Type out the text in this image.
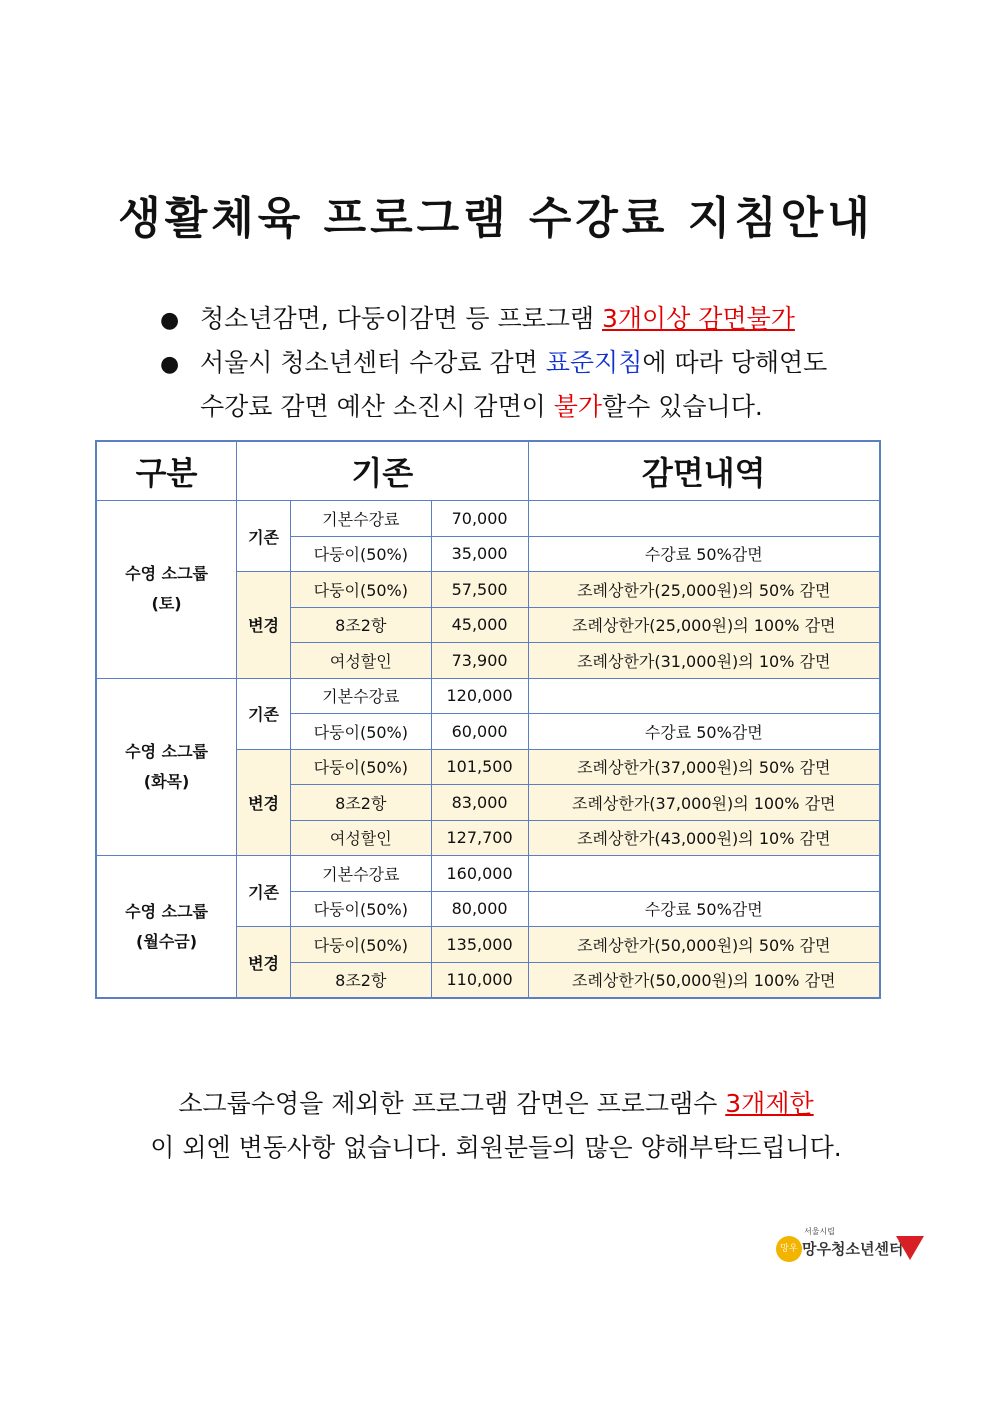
생활체육 프로그램 수강료 지침안내
● 청소년감면, 다둥이감면 등 프로그램 3개이상 감면불가
● 서울시 청소년센터 수강료 감면 표준지침에 따라 당해연도
수강료 감면 예산 소진시 감면이 불가할수 있습니다.
구분	기존			감면내역

수영 소그룹
(토)	기존	기본수강료	70,000	
		다둥이(50%)	35,000	수강료 50%감면
	변경	다둥이(50%)	57,500	조례상한가(25,000원)의 50% 감면
		8조2항	45,000	조례상한가(25,000원)의 100% 감면
		여성할인	73,900	조례상한가(31,000원)의 10% 감면

수영 소그룹
(화목)	기존	기본수강료	120,000	
		다둥이(50%)	60,000	수강료 50%감면
	변경	다둥이(50%)	101,500	조례상한가(37,000원)의 50% 감면
		8조2항	83,000	조례상한가(37,000원)의 100% 감면
		여성할인	127,700	조례상한가(43,000원)의 10% 감면

수영 소그룹
(월수금)	기존	기본수강료	160,000	
		다둥이(50%)	80,000	수강료 50%감면
	변경	다둥이(50%)	135,000	조례상한가(50,000원)의 50% 감면
		8조2항	110,000	조례상한가(50,000원)의 100% 감면
소그룹수영을 제외한 프로그램 감면은 프로그램수 3개제한
이 외엔 변동사항 없습니다. 회원분들의 많은 양해부탁드립니다.
망우
서울시립
망우청소년센터
